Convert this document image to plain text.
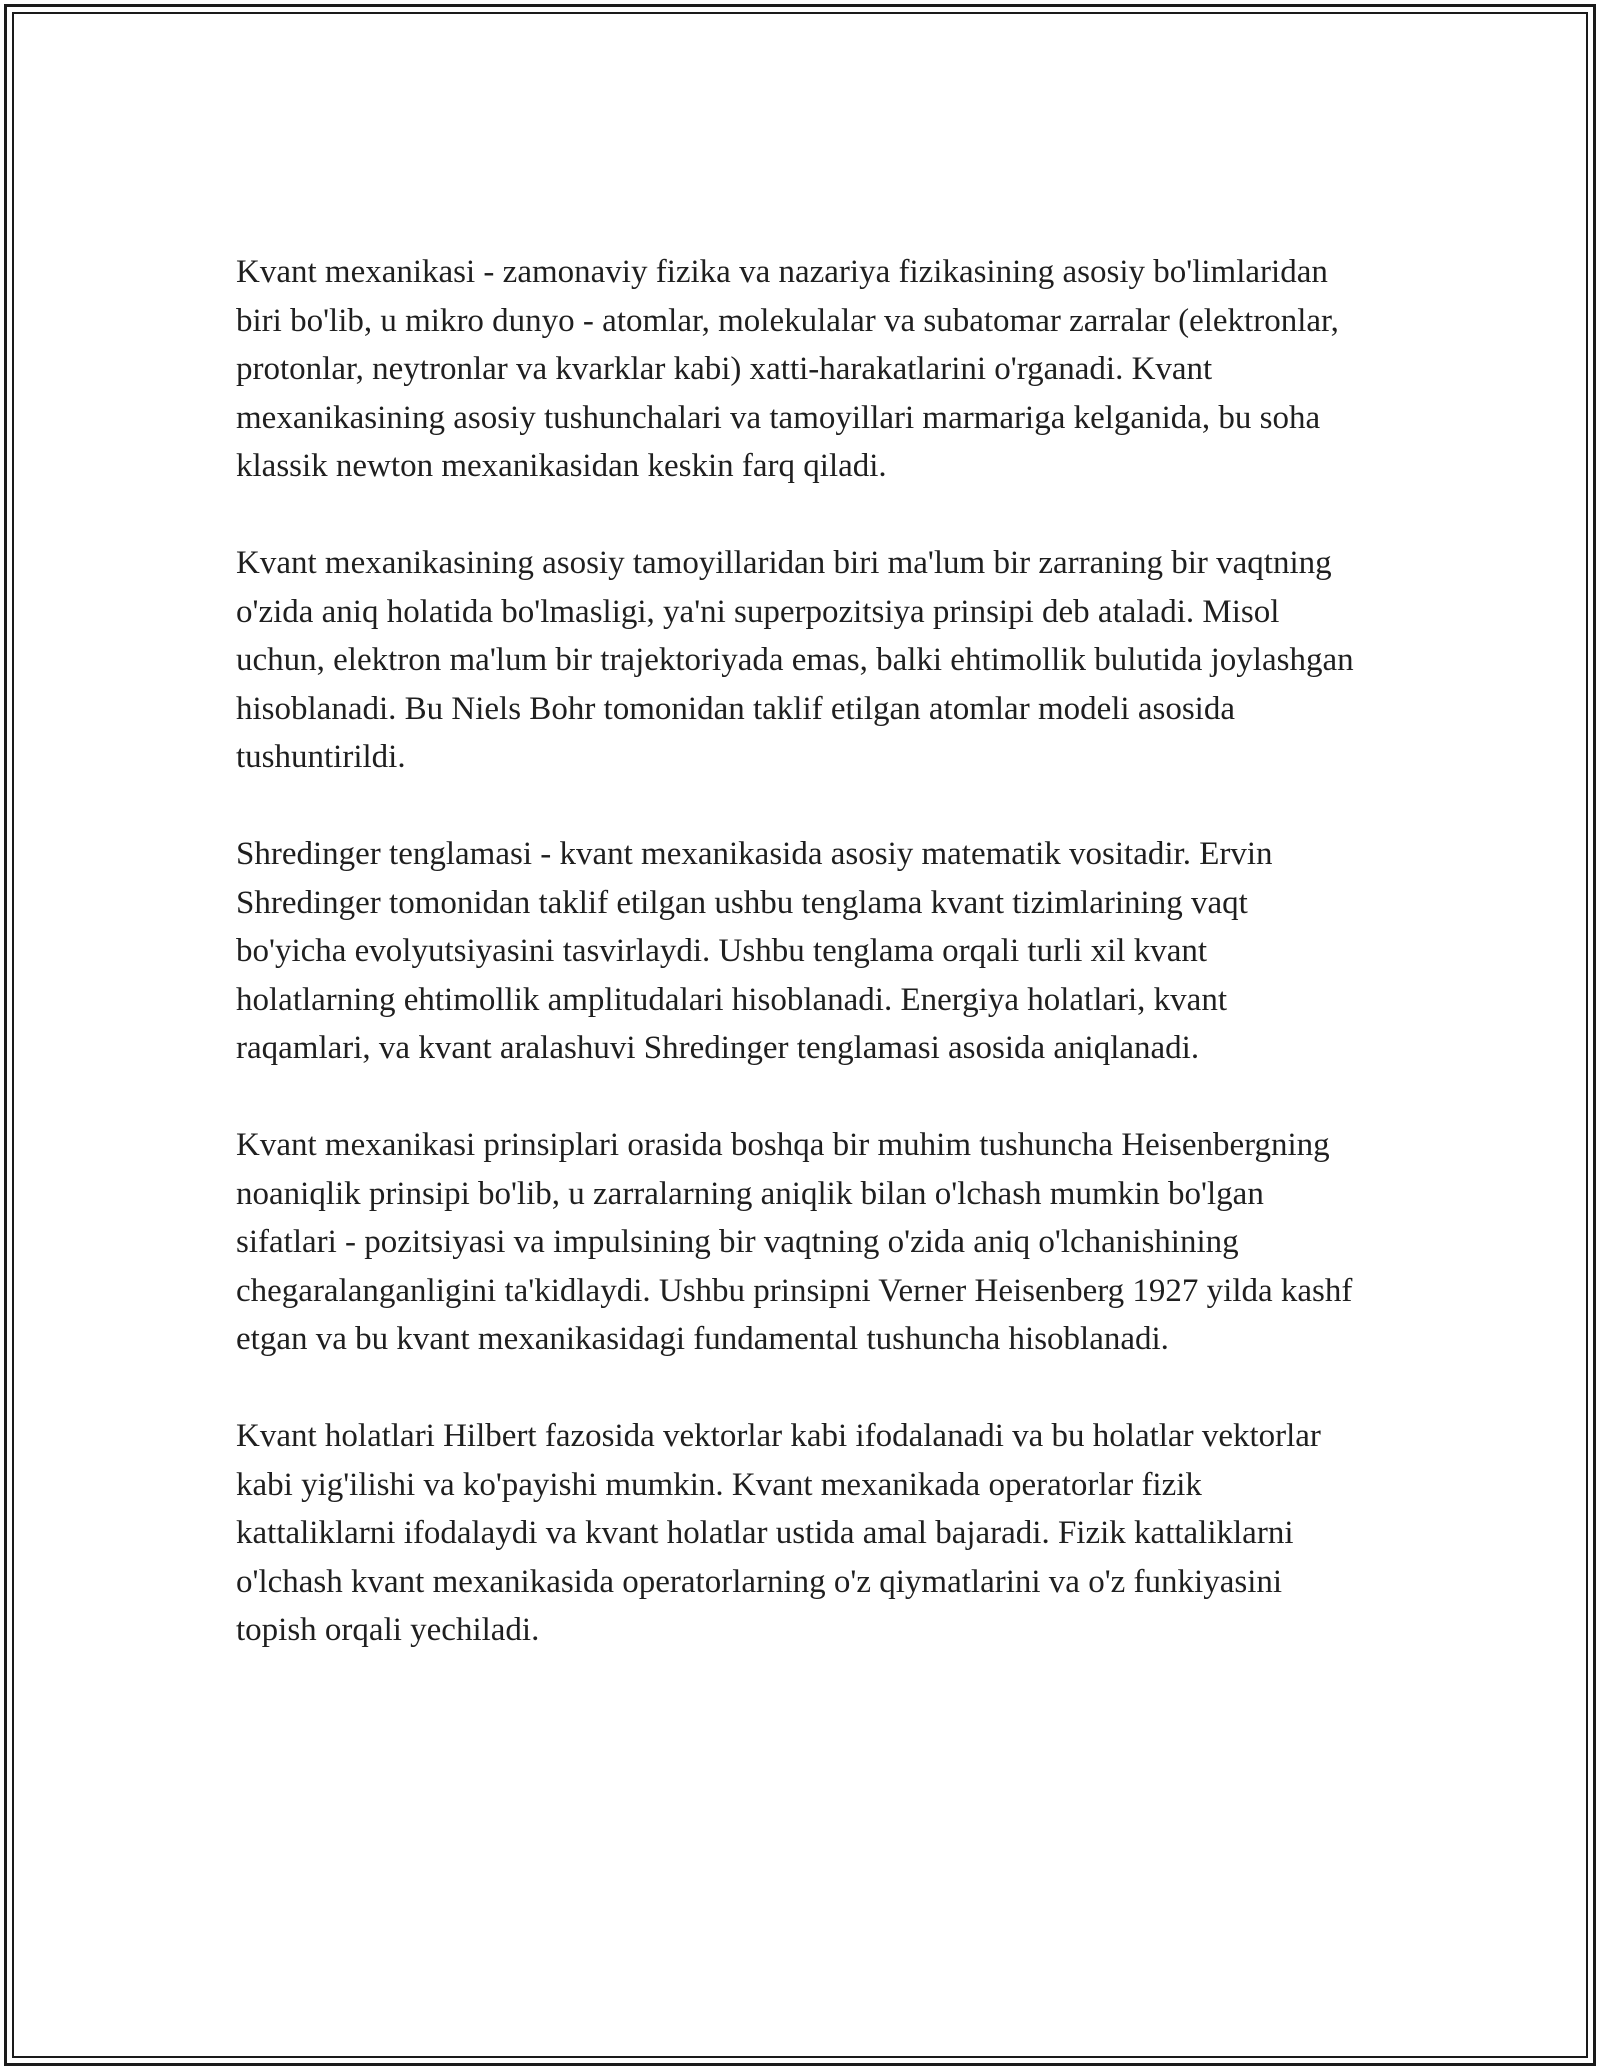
Kvant mexanikasi - zamonaviy fizika va nazariya fizikasining asosiy bo'limlaridan biri bo'lib, u mikro dunyo - atomlar, molekulalar va subatomar zarralar (elektronlar, protonlar, neytronlar va kvarklar kabi) xatti-harakatlarini o'rganadi. Kvant mexanikasining asosiy tushunchalari va tamoyillari marmariga kelganida, bu soha klassik newton mexanikasidan keskin farq qiladi.

Kvant mexanikasining asosiy tamoyillaridan biri ma'lum bir zarraning bir vaqtning o'zida aniq holatida bo'lmasligi, ya'ni superpozitsiya prinsipi deb ataladi. Misol uchun, elektron ma'lum bir trajektoriyada emas, balki ehtimollik bulutida joylashgan hisoblanadi. Bu Niels Bohr tomonidan taklif etilgan atomlar modeli asosida tushuntirildi.

Shredinger tenglamasi - kvant mexanikasida asosiy matematik vositadir. Ervin Shredinger tomonidan taklif etilgan ushbu tenglama kvant tizimlarining vaqt bo'yicha evolyutsiyasini tasvirlaydi. Ushbu tenglama orqali turli xil kvant holatlarning ehtimollik amplitudalari hisoblanadi. Energiya holatlari, kvant raqamlari, va kvant aralashuvi Shredinger tenglamasi asosida aniqlanadi.

Kvant mexanikasi prinsiplari orasida boshqa bir muhim tushuncha Heisenbergning noaniqlik prinsipi bo'lib, u zarralarning aniqlik bilan o'lchash mumkin bo'lgan sifatlari - pozitsiyasi va impulsining bir vaqtning o'zida aniq o'lchanishining chegaralanganligini ta'kidlaydi. Ushbu prinsipni Verner Heisenberg 1927 yilda kashf etgan va bu kvant mexanikasidagi fundamental tushuncha hisoblanadi.

Kvant holatlari Hilbert fazosida vektorlar kabi ifodalanadi va bu holatlar vektorlar kabi yig'ilishi va ko'payishi mumkin. Kvant mexanikada operatorlar fizik kattaliklarni ifodalaydi va kvant holatlar ustida amal bajaradi. Fizik kattaliklarni o'lchash kvant mexanikasida operatorlarning o'z qiymatlarini va o'z funkiyasini topish orqali yechiladi.
